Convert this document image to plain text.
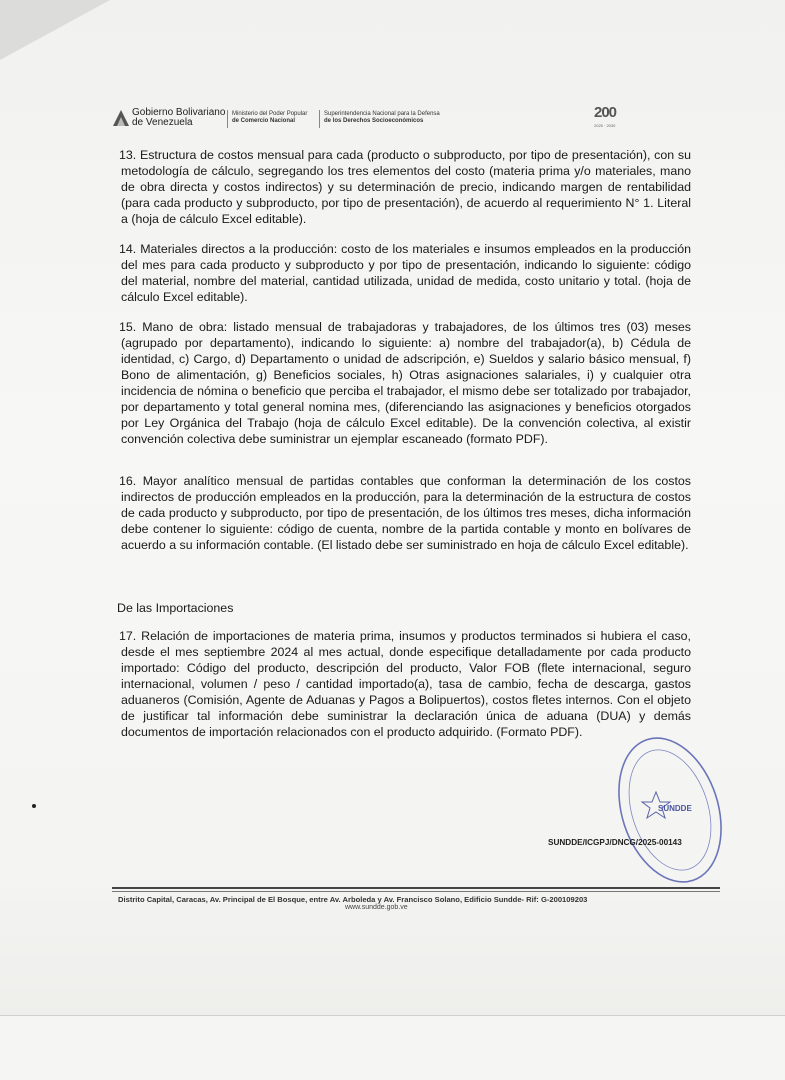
Gobierno Bolivariano
de Venezuela
Ministerio del Poder Popular
de Comercio Nacional
Superintendencia Nacional para la Defensa
de los Derechos Socioeconómicos	200
2025 · 2030

13. Estructura de costos mensual para cada (producto o subproducto, por tipo de presentación), con su metodología de cálculo, segregando los tres elementos del costo (materia prima y/o materiales, mano de obra directa y costos indirectos) y su determinación de precio, indicando margen de rentabilidad (para cada producto y subproducto, por tipo de presentación), de acuerdo al requerimiento N° 1. Literal a (hoja de cálculo Excel editable).

14. Materiales directos a la producción: costo de los materiales e insumos empleados en la producción del mes para cada producto y subproducto y por tipo de presentación, indicando lo siguiente: código del material, nombre del material, cantidad utilizada, unidad de medida, costo unitario y total. (hoja de cálculo Excel editable).

15. Mano de obra: listado mensual de trabajadoras y trabajadores, de los últimos tres (03) meses (agrupado por departamento), indicando lo siguiente: a) nombre del trabajador(a), b) Cédula de identidad, c) Cargo, d) Departamento o unidad de adscripción, e) Sueldos y salario básico mensual, f) Bono de alimentación, g) Beneficios sociales, h) Otras asignaciones salariales, i) y cualquier otra incidencia de nómina o beneficio que perciba el trabajador, el mismo debe ser totalizado por trabajador, por departamento y total general nomina mes, (diferenciando las asignaciones y beneficios otorgados por Ley Orgánica del Trabajo (hoja de cálculo Excel editable). De la convención colectiva, al existir convención colectiva debe suministrar un ejemplar escaneado (formato PDF).

16. Mayor analítico mensual de partidas contables que conforman la determinación de los costos indirectos de producción empleados en la producción, para la determinación de la estructura de costos de cada producto y subproducto, por tipo de presentación, de los últimos tres meses, dicha información debe contener lo siguiente: código de cuenta, nombre de la partida contable y monto en bolívares de acuerdo a su información contable. (El listado debe ser suministrado en hoja de cálculo Excel editable).

De las Importaciones

17. Relación de importaciones de materia prima, insumos y productos terminados si hubiera el caso, desde el mes septiembre 2024 al mes actual, donde especifique detalladamente por cada producto importado: Código del producto, descripción del producto, Valor FOB (flete internacional, seguro internacional, volumen / peso / cantidad importado(a), tasa de cambio, fecha de descarga, gastos aduaneros (Comisión, Agente de Aduanas y Pagos a Bolipuertos), costos fletes internos. Con el objeto de justificar tal información debe suministrar la declaración única de aduana (DUA) y demás documentos de importación relacionados con el producto adquirido. (Formato PDF).

SUNDDE
SUNDDE/ICGPJ/DNCG/2025-00143
Distrito Capital, Caracas, Av. Principal de El Bosque, entre Av. Arboleda y Av. Francisco Solano, Edificio Sundde- Rif: G-200109203
www.sundde.gob.ve
